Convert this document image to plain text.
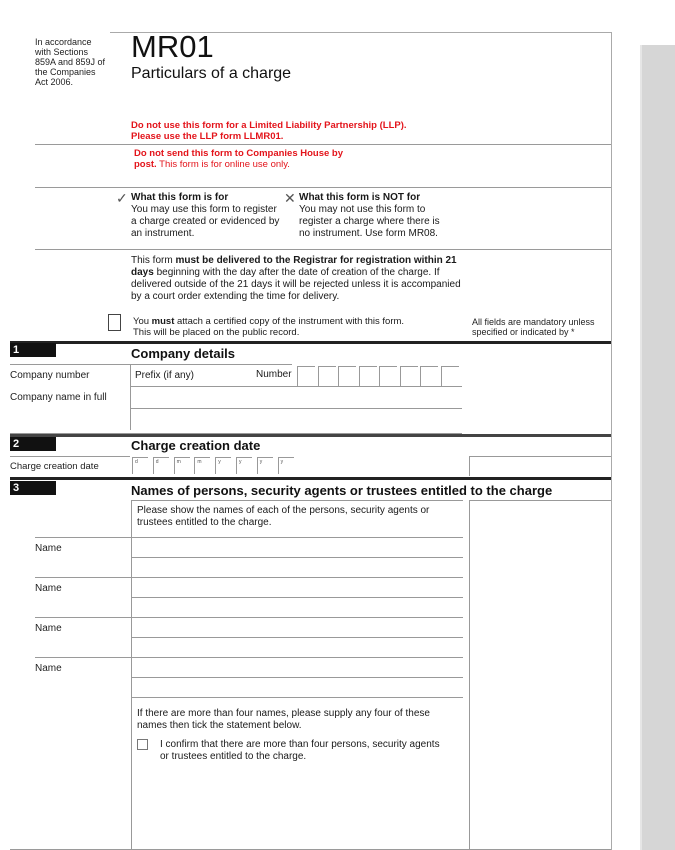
In accordance with Sections 859A and 859J of the Companies Act 2006.
MR01
Particulars of a charge
Do not use this form for a Limited Liability Partnership (LLP).
Please use the LLP form LLMR01.
Do not send this form to Companies House by
post. This form is for online use only.
✓ What this form is for
You may use this form to register a charge created or evidenced by an instrument.
✕ What this form is NOT for
You may not use this form to register a charge where there is no instrument. Use form MR08.
This form must be delivered to the Registrar for registration within 21 days beginning with the day after the date of creation of the charge. If delivered outside of the 21 days it will be rejected unless it is accompanied by a court order extending the time for delivery.
You must attach a certified copy of the instrument with this form. This will be placed on the public record.
All fields are mandatory unless specified or indicated by *
1	Company details
Company number	Prefix (if any)	Number
Company name in full
2	Charge creation date
Charge creation date	d	d	m	m	y	y	y	y
3	Names of persons, security agents or trustees entitled to the charge
Please show the names of each of the persons, security agents or trustees entitled to the charge.
Name
Name
Name
Name
If there are more than four names, please supply any four of these names then tick the statement below.
I confirm that there are more than four persons, security agents or trustees entitled to the charge.
